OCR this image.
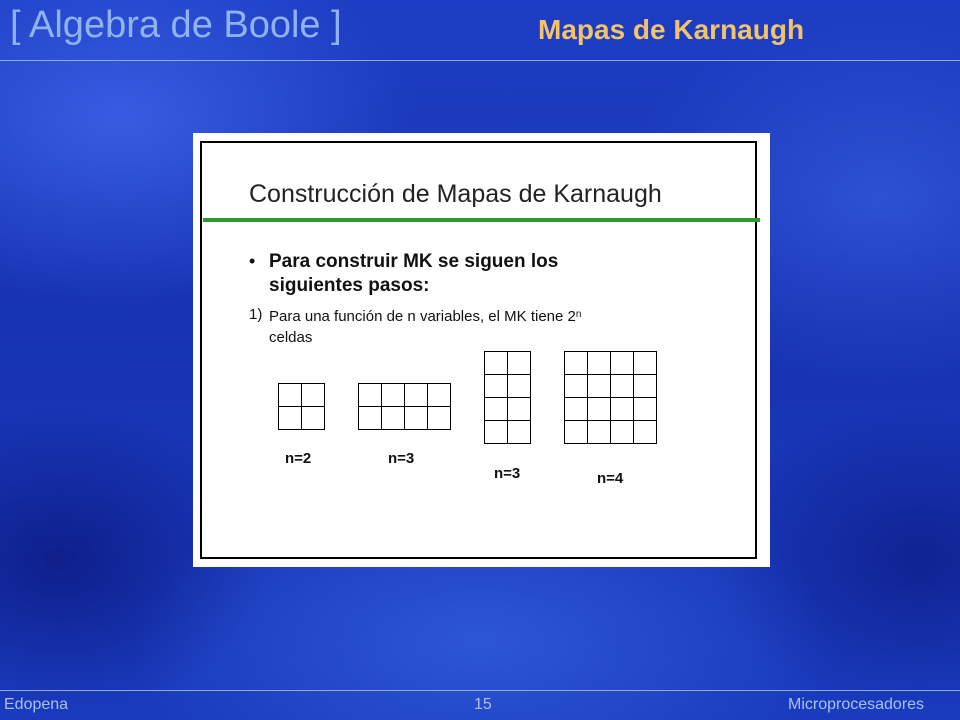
[ Algebra de Boole ]	Mapas de Karnaugh
Construcción de Mapas de Karnaugh
• Para construir MK se siguen los siguientes pasos:
1) Para una función de n variables, el MK tiene 2$^n$
celdas
n=2	n=3
n=3	n=4
Edopena	15	Microprocesadores
